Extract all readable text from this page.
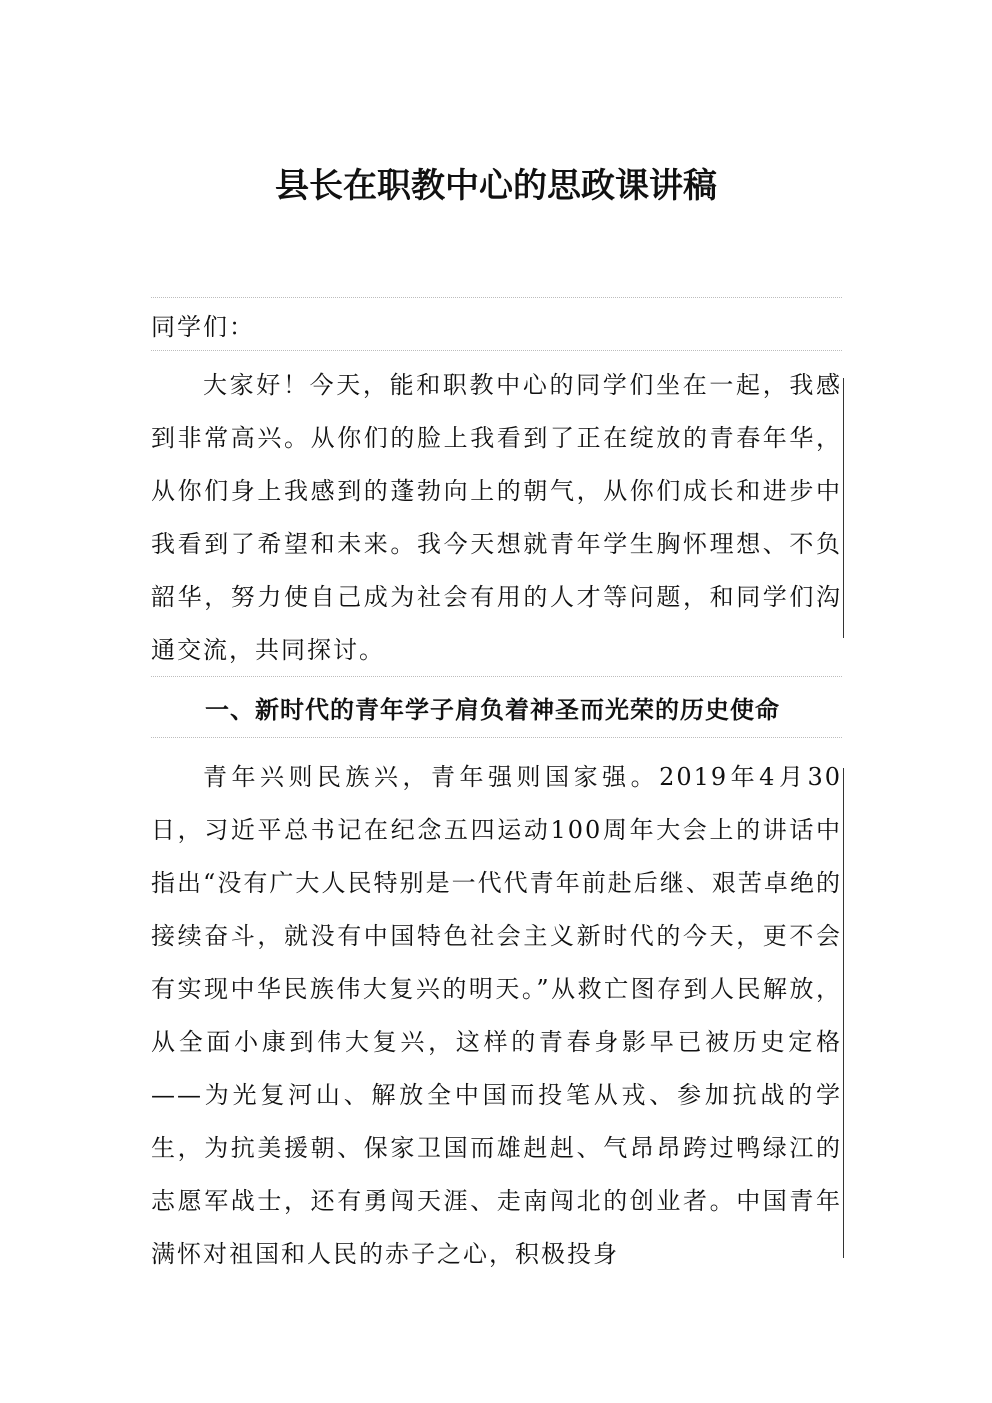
县长在职教中心的思政课讲稿
同学们：

大家好！今天，能和职教中心的同学们坐在一起，我感到非常高兴。从你们的脸上我看到了正在绽放的青春年华，从你们身上我感到的蓬勃向上的朝气，从你们成长和进步中我看到了希望和未来。我今天想就青年学生胸怀理想、不负韶华，努力使自己成为社会有用的人才等问题，和同学们沟通交流，共同探讨。

一、新时代的青年学子肩负着神圣而光荣的历史使命

青年兴则民族兴，青年强则国家强。2019年4月30日，习近平总书记在纪念五四运动100周年大会上的讲话中指出“没有广大人民特别是一代代青年前赴后继、艰苦卓绝的接续奋斗，就没有中国特色社会主义新时代的今天，更不会有实现中华民族伟大复兴的明天。”从救亡图存到人民解放，从全面小康到伟大复兴，这样的青春身影早已被历史定格——为光复河山、解放全中国而投笔从戎、参加抗战的学生，为抗美援朝、保家卫国而雄赳赳、气昂昂跨过鸭绿江的志愿军战士，还有勇闯天涯、走南闯北的创业者。中国青年满怀对祖国和人民的赤子之心，积极投身
